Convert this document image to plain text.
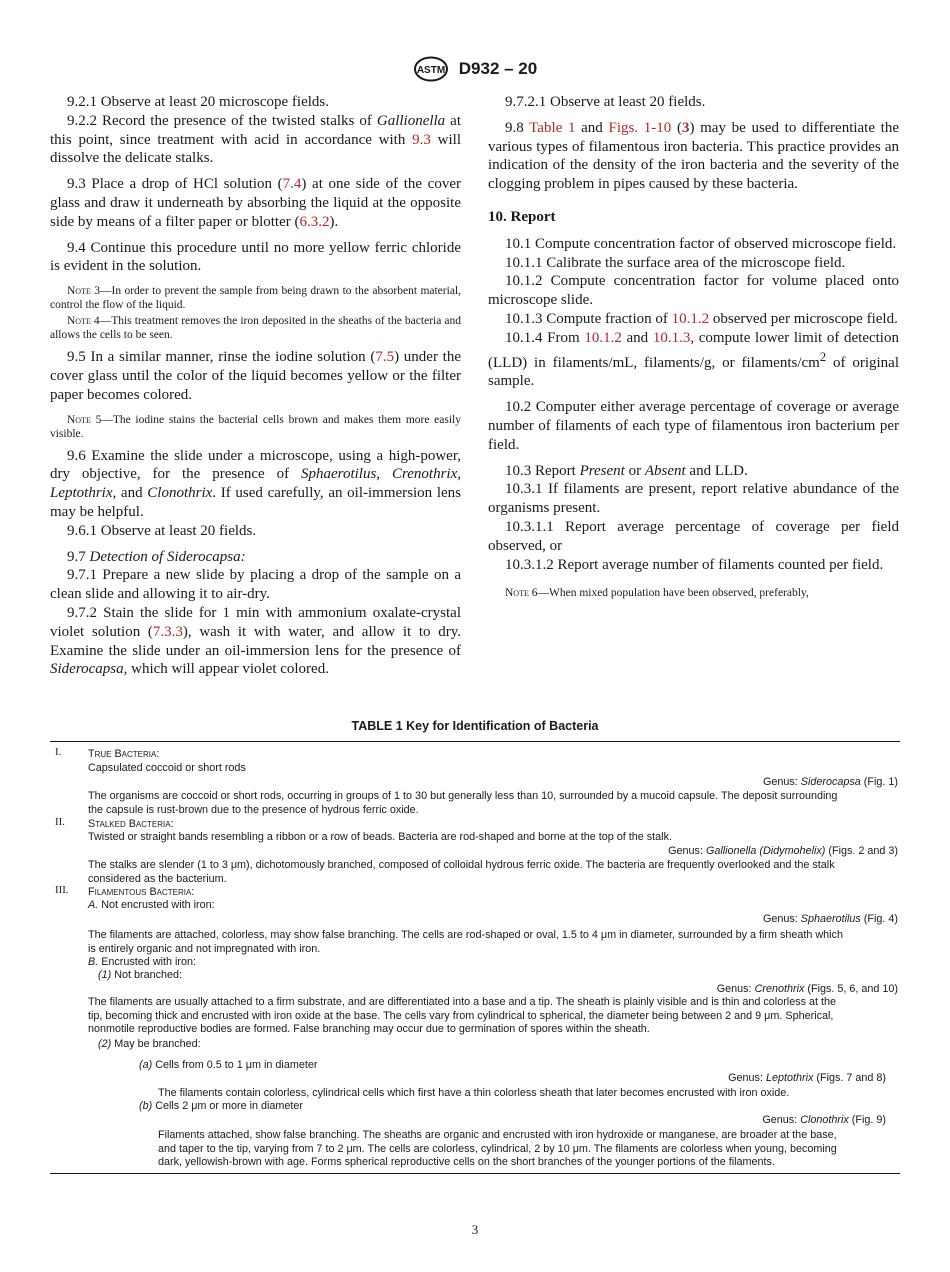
ASTM D932 – 20

9.2.1 Observe at least 20 microscope fields.

9.2.2 Record the presence of the twisted stalks of Gallionella at this point, since treatment with acid in accordance with 9.3 will dissolve the delicate stalks.

9.3 Place a drop of HCl solution (7.4) at one side of the cover glass and draw it underneath by absorbing the liquid at the opposite side by means of a filter paper or blotter (6.3.2).

9.4 Continue this procedure until no more yellow ferric chloride is evident in the solution.

Note 3—In order to prevent the sample from being drawn to the absorbent material, control the flow of the liquid.
Note 4—This treatment removes the iron deposited in the sheaths of the bacteria and allows the cells to be seen.

9.5 In a similar manner, rinse the iodine solution (7.5) under the cover glass until the color of the liquid becomes yellow or the filter paper becomes colored.

Note 5—The iodine stains the bacterial cells brown and makes them more easily visible.

9.6 Examine the slide under a microscope, using a high-power, dry objective, for the presence of Sphaerotilus, Crenothrix, Leptothrix, and Clonothrix. If used carefully, an oil-immersion lens may be helpful.

9.6.1 Observe at least 20 fields.

9.7 Detection of Siderocapsa:

9.7.1 Prepare a new slide by placing a drop of the sample on a clean slide and allowing it to air-dry.

9.7.2 Stain the slide for 1 min with ammonium oxalate-crystal violet solution (7.3.3), wash it with water, and allow it to dry. Examine the slide under an oil-immersion lens for the presence of Siderocapsa, which will appear violet colored.

9.7.2.1 Observe at least 20 fields.

9.8 Table 1 and Figs. 1-10 (3) may be used to differentiate the various types of filamentous iron bacteria. This practice provides an indication of the density of the iron bacteria and the severity of the clogging problem in pipes caused by these bacteria.

10. Report

10.1 Compute concentration factor of observed microscope field.

10.1.1 Calibrate the surface area of the microscope field.

10.1.2 Compute concentration factor for volume placed onto microscope slide.

10.1.3 Compute fraction of 10.1.2 observed per microscope field.

10.1.4 From 10.1.2 and 10.1.3, compute lower limit of detection (LLD) in filaments/mL, filaments/g, or filaments/$cm^2$ of original sample.

10.2 Computer either average percentage of coverage or average number of filaments of each type of filamentous iron bacterium per field.

10.3 Report Present or Absent and LLD.

10.3.1 If filaments are present, report relative abundance of the organisms present.

10.3.1.1 Report average percentage of coverage per field observed, or

10.3.1.2 Report average number of filaments counted per field.

Note 6—When mixed population have been observed, preferably,
TABLE 1 Key for Identification of Bacteria
I. True Bacteria:
Capsulated coccoid or short rods
Genus: Siderocapsa (Fig. 1)
The organisms are coccoid or short rods, occurring in groups of 1 to 30 but generally less than 10, surrounded by a mucoid capsule. The deposit surrounding
the capsule is rust-brown due to the presence of hydrous ferric oxide.
II. Stalked Bacteria:
Twisted or straight bands resembling a ribbon or a row of beads. Bacteria are rod-shaped and borne at the top of the stalk.
Genus: Gallionella (Didymohelix) (Figs. 2 and 3)
The stalks are slender (1 to 3 μm), dichotomously branched, composed of colloidal hydrous ferric oxide. The bacteria are frequently overlooked and the stalk
considered as the bacterium.
III. Filamentous Bacteria:
A. Not encrusted with iron:
Genus: Sphaerotilus (Fig. 4)
The filaments are attached, colorless, may show false branching. The cells are rod-shaped or oval, 1.5 to 4 μm in diameter, surrounded by a firm sheath which
is entirely organic and not impregnated with iron.
B. Encrusted with iron:
(1) Not branched:
Genus: Crenothrix (Figs. 5, 6, and 10)
The filaments are usually attached to a firm substrate, and are differentiated into a base and a tip. The sheath is plainly visible and is thin and colorless at the
tip, becoming thick and encrusted with iron oxide at the base. The cells vary from cylindrical to spherical, the diameter being between 2 and 9 μm. Spherical,
nonmotile reproductive bodies are formed. False branching may occur due to germination of spores within the sheath.
(2) May be branched:
(a) Cells from 0.5 to 1 μm in diameter
Genus: Leptothrix (Figs. 7 and 8)
The filaments contain colorless, cylindrical cells which first have a thin colorless sheath that later becomes encrusted with iron oxide.
(b) Cells 2 μm or more in diameter
Genus: Clonothrix (Fig. 9)
Filaments attached, show false branching. The sheaths are organic and encrusted with iron hydroxide or manganese, are broader at the base,
and taper to the tip, varying from 7 to 2 μm. The cells are colorless, cylindrical, 2 by 10 μm. The filaments are colorless when young, becoming
dark, yellowish-brown with age. Forms spherical reproductive cells on the short branches of the younger portions of the filaments.
3
